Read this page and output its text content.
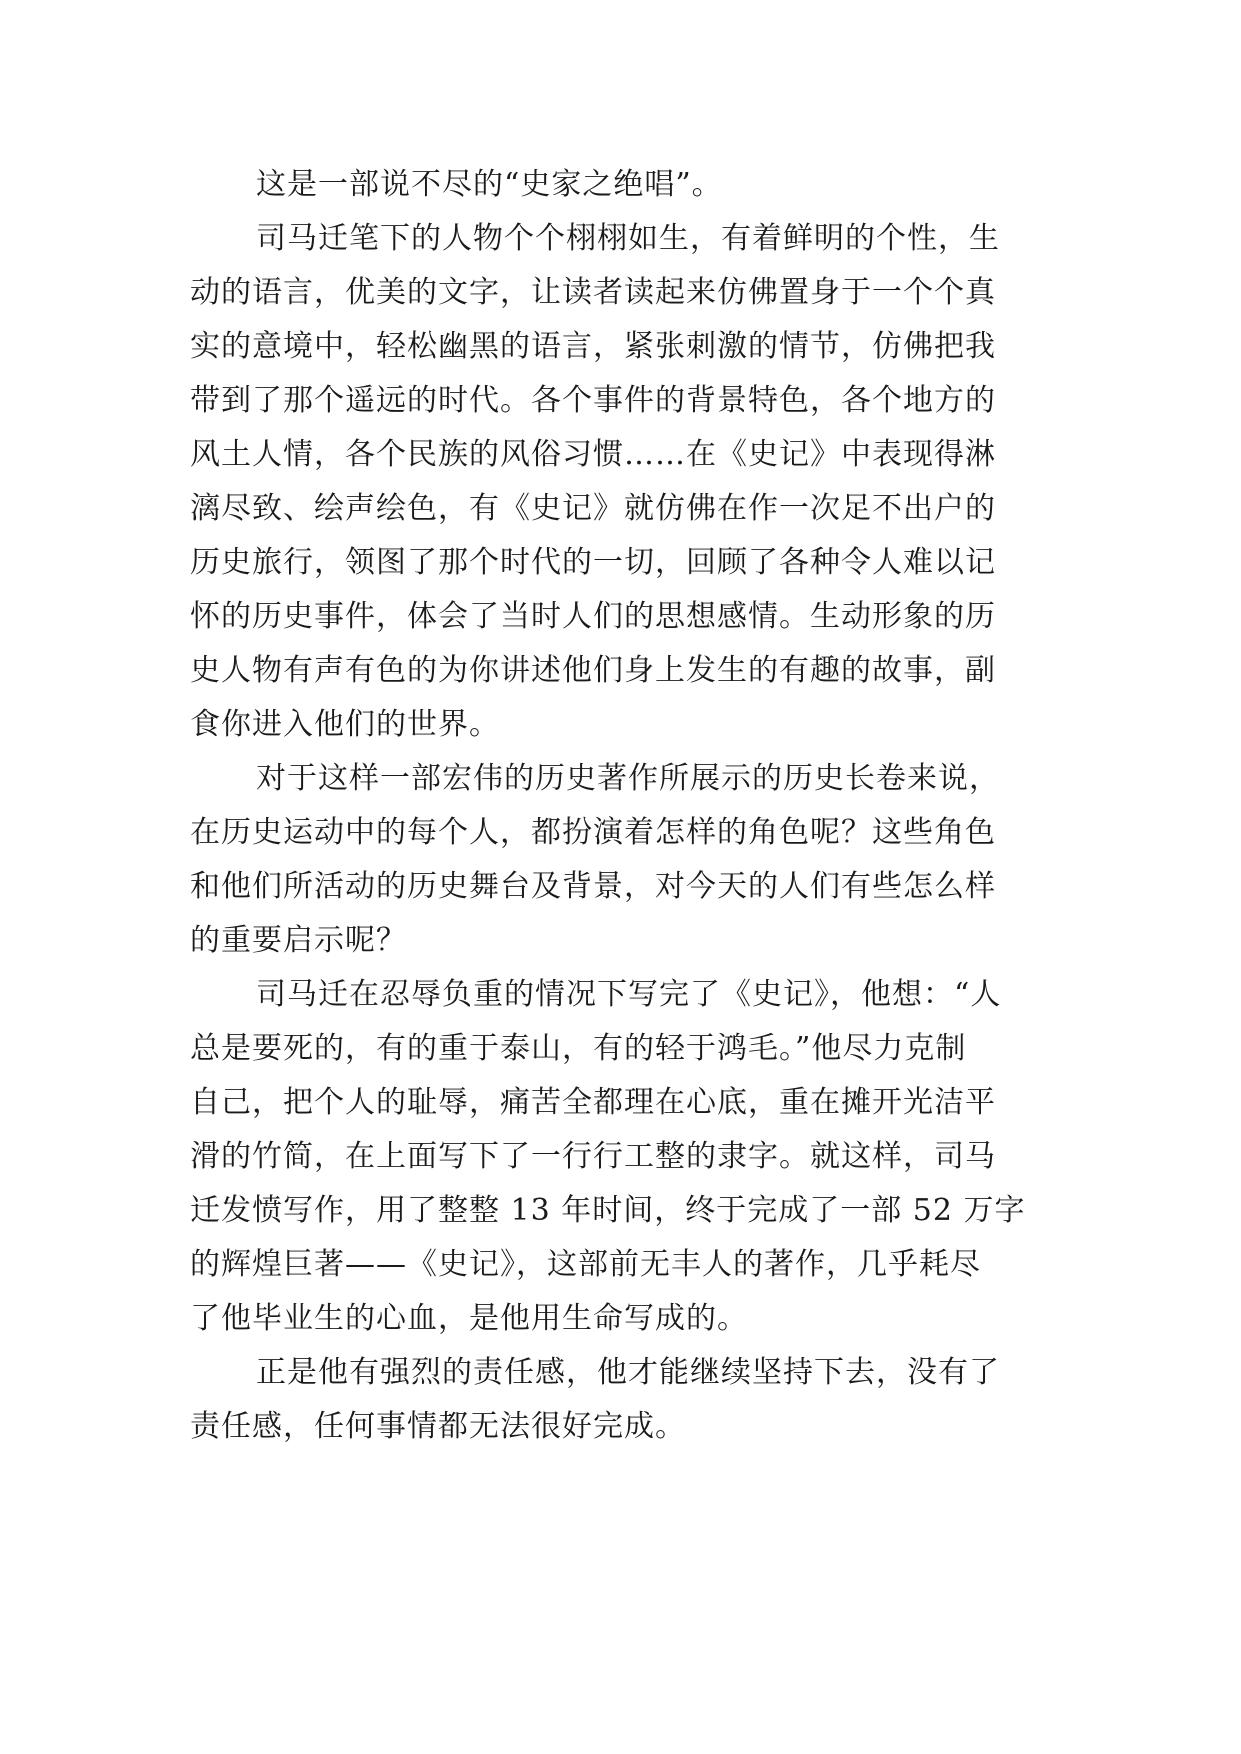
这是一部说不尽的“史家之绝唱”。
司马迁笔下的人物个个栩栩如生，有着鲜明的个性，生
动的语言，优美的文字，让读者读起来仿佛置身于一个个真
实的意境中，轻松幽黑的语言，紧张刺激的情节，仿佛把我
带到了那个遥远的时代。各个事件的背景特色，各个地方的
风土人情，各个民族的风俗习惯……在《史记》中表现得淋
漓尽致、绘声绘色，有《史记》就仿佛在作一次足不出户的
历史旅行，领图了那个时代的一切，回顾了各种令人难以记
怀的历史事件，体会了当时人们的思想感情。生动形象的历
史人物有声有色的为你讲述他们身上发生的有趣的故事，副
食你进入他们的世界。
对于这样一部宏伟的历史著作所展示的历史长卷来说，
在历史运动中的每个人，都扮演着怎样的角色呢？这些角色
和他们所活动的历史舞台及背景，对今天的人们有些怎么样
的重要启示呢？
司马迁在忍辱负重的情况下写完了《史记》，他想：“人
总是要死的，有的重于泰山，有的轻于鸿毛。”他尽力克制
自己，把个人的耻辱，痛苦全都理在心底，重在摊开光洁平
滑的竹简，在上面写下了一行行工整的隶字。就这样，司马
迁发愤写作，用了整整 13 年时间，终于完成了一部 52 万字
的辉煌巨著——《史记》，这部前无丰人的著作，几乎耗尽
了他毕业生的心血，是他用生命写成的。
正是他有强烈的责任感，他才能继续坚持下去，没有了
责任感，任何事情都无法很好完成。
